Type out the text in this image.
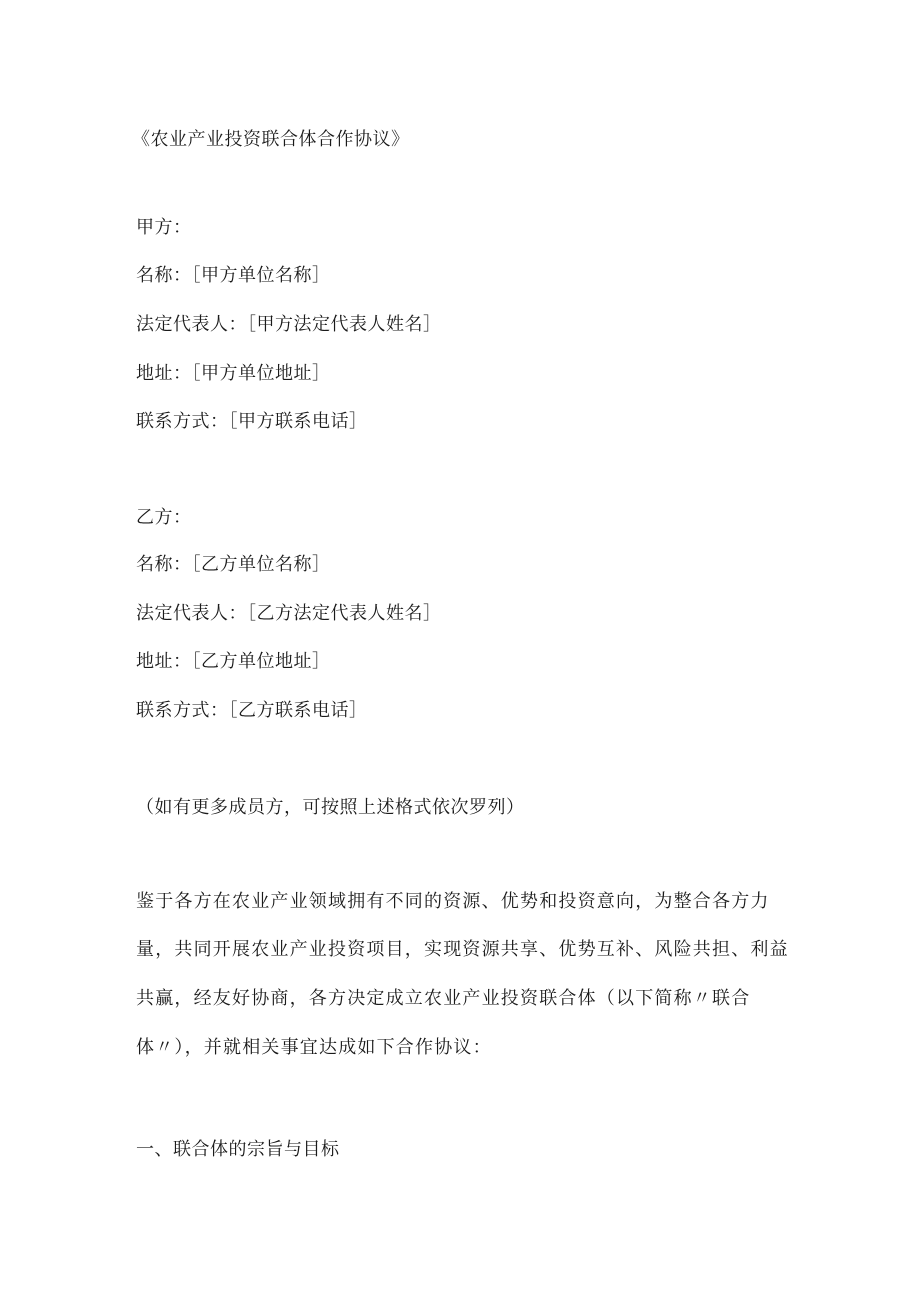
《农业产业投资联合体合作协议》
甲方：
名称：［甲方单位名称］
法定代表人：［甲方法定代表人姓名］
地址：［甲方单位地址］
联系方式：［甲方联系电话］
乙方：
名称：［乙方单位名称］
法定代表人：［乙方法定代表人姓名］
地址：［乙方单位地址］
联系方式：［乙方联系电话］
（如有更多成员方，可按照上述格式依次罗列）
鉴于各方在农业产业领域拥有不同的资源、优势和投资意向，为整合各方力
量，共同开展农业产业投资项目，实现资源共享、优势互补、风险共担、利益
共赢，经友好协商，各方决定成立农业产业投资联合体（以下简称〃联合
体〃），并就相关事宜达成如下合作协议：
一、联合体的宗旨与目标
